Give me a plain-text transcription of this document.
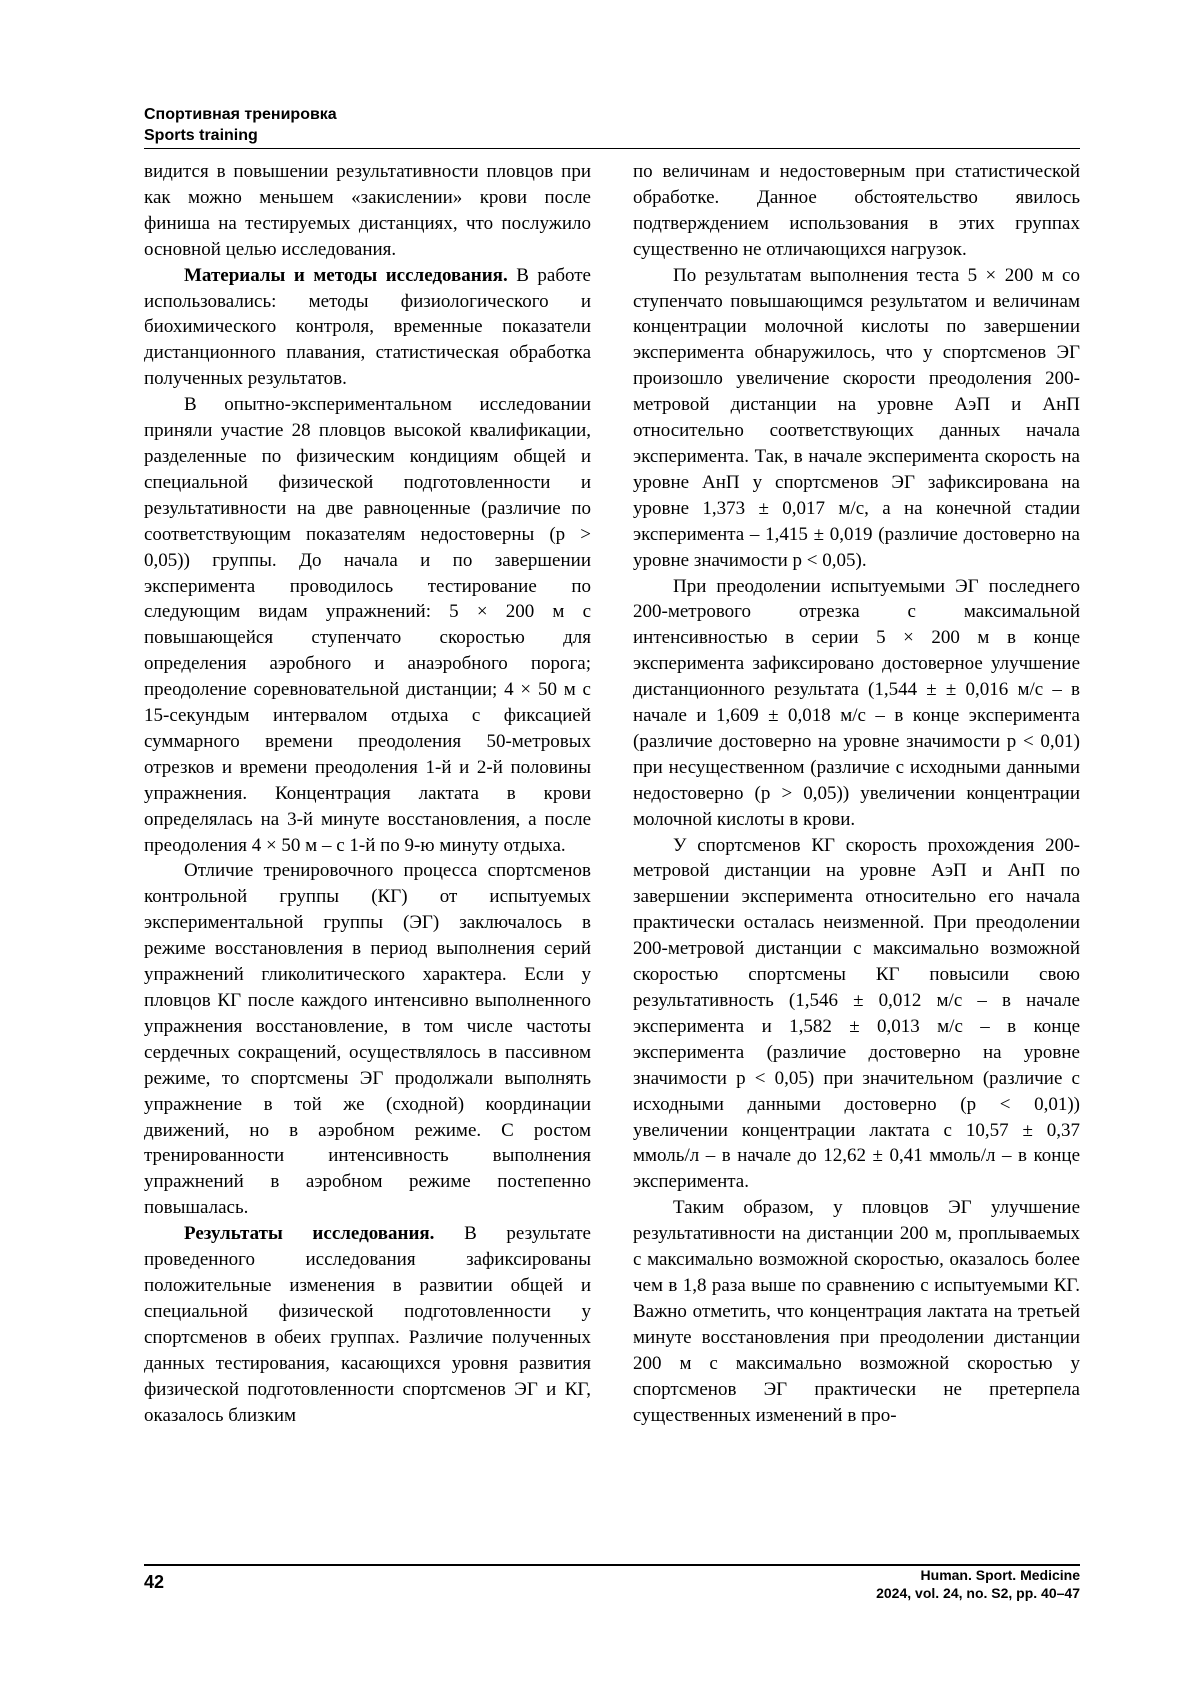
Спортивная тренировка

Sports training

видится в повышении результативности пловцов при как можно меньшем «закислении» крови после финиша на тестируемых дистанциях, что послужило основной целью исследования.

Материалы и методы исследования. В работе использовались: методы физиологического и биохимического контроля, временные показатели дистанционного плавания, статистическая обработка полученных результатов.

В опытно-экспериментальном исследовании приняли участие 28 пловцов высокой квалификации, разделенные по физическим кондициям общей и специальной физической подготовленности и результативности на две равноценные (различие по соответствующим показателям недостоверны (p > 0,05)) группы. До начала и по завершении эксперимента проводилось тестирование по следующим видам упражнений: 5 × 200 м с повышающейся ступенчато скоростью для определения аэробного и анаэробного порога; преодоление соревновательной дистанции; 4 × 50 м с 15-секундым интервалом отдыха с фиксацией суммарного времени преодоления 50-метровых отрезков и времени преодоления 1-й и 2-й половины упражнения. Концентрация лактата в крови определялась на 3-й минуте восстановления, а после преодоления 4 × 50 м – с 1-й по 9-ю минуту отдыха.

Отличие тренировочного процесса спортсменов контрольной группы (КГ) от испытуемых экспериментальной группы (ЭГ) заключалось в режиме восстановления в период выполнения серий упражнений гликолитического характера. Если у пловцов КГ после каждого интенсивно выполненного упражнения восстановление, в том числе частоты сердечных сокращений, осуществлялось в пассивном режиме, то спортсмены ЭГ продолжали выполнять упражнение в той же (сходной) координации движений, но в аэробном режиме. С ростом тренированности интенсивность выполнения упражнений в аэробном режиме постепенно повышалась.

Результаты исследования. В результате проведенного исследования зафиксированы положительные изменения в развитии общей и специальной физической подготовленности у спортсменов в обеих группах. Различие полученных данных тестирования, касающихся уровня развития физической подготовленности спортсменов ЭГ и КГ, оказалось близким

по величинам и недостоверным при статистической обработке. Данное обстоятельство явилось подтверждением использования в этих группах существенно не отличающихся нагрузок.

По результатам выполнения теста 5 × 200 м со ступенчато повышающимся результатом и величинам концентрации молочной кислоты по завершении эксперимента обнаружилось, что у спортсменов ЭГ произошло увеличение скорости преодоления 200-метровой дистанции на уровне АэП и АнП относительно соответствующих данных начала эксперимента. Так, в начале эксперимента скорость на уровне АнП у спортсменов ЭГ зафиксирована на уровне 1,373 ± 0,017 м/с, а на конечной стадии эксперимента – 1,415 ± 0,019 (различие достоверно на уровне значимости p < 0,05).

При преодолении испытуемыми ЭГ последнего 200-метрового отрезка с максимальной интенсивностью в серии 5 × 200 м в конце эксперимента зафиксировано достоверное улучшение дистанционного результата (1,544 ± ± 0,016 м/с – в начале и 1,609 ± 0,018 м/с – в конце эксперимента (различие достоверно на уровне значимости p < 0,01) при несущественном (различие с исходными данными недостоверно (p > 0,05)) увеличении концентрации молочной кислоты в крови.

У спортсменов КГ скорость прохождения 200-метровой дистанции на уровне АэП и АнП по завершении эксперимента относительно его начала практически осталась неизменной. При преодолении 200-метровой дистанции с максимально возможной скоростью спортсмены КГ повысили свою результативность (1,546 ± 0,012 м/с – в начале эксперимента и 1,582 ± 0,013 м/с – в конце эксперимента (различие достоверно на уровне значимости p < 0,05) при значительном (различие с исходными данными достоверно (p < 0,01)) увеличении концентрации лактата с 10,57 ± 0,37 ммоль/л – в начале до 12,62 ± 0,41 ммоль/л – в конце эксперимента.

Таким образом, у пловцов ЭГ улучшение результативности на дистанции 200 м, проплываемых с максимально возможной скоростью, оказалось более чем в 1,8 раза выше по сравнению с испытуемыми КГ. Важно отметить, что концентрация лактата на третьей минуте восстановления при преодолении дистанции 200 м с максимально возможной скоростью у спортсменов ЭГ практически не претерпела существенных изменений в про-

42	Human. Sport. Medicine
2024, vol. 24, no. S2, pp. 40–47
